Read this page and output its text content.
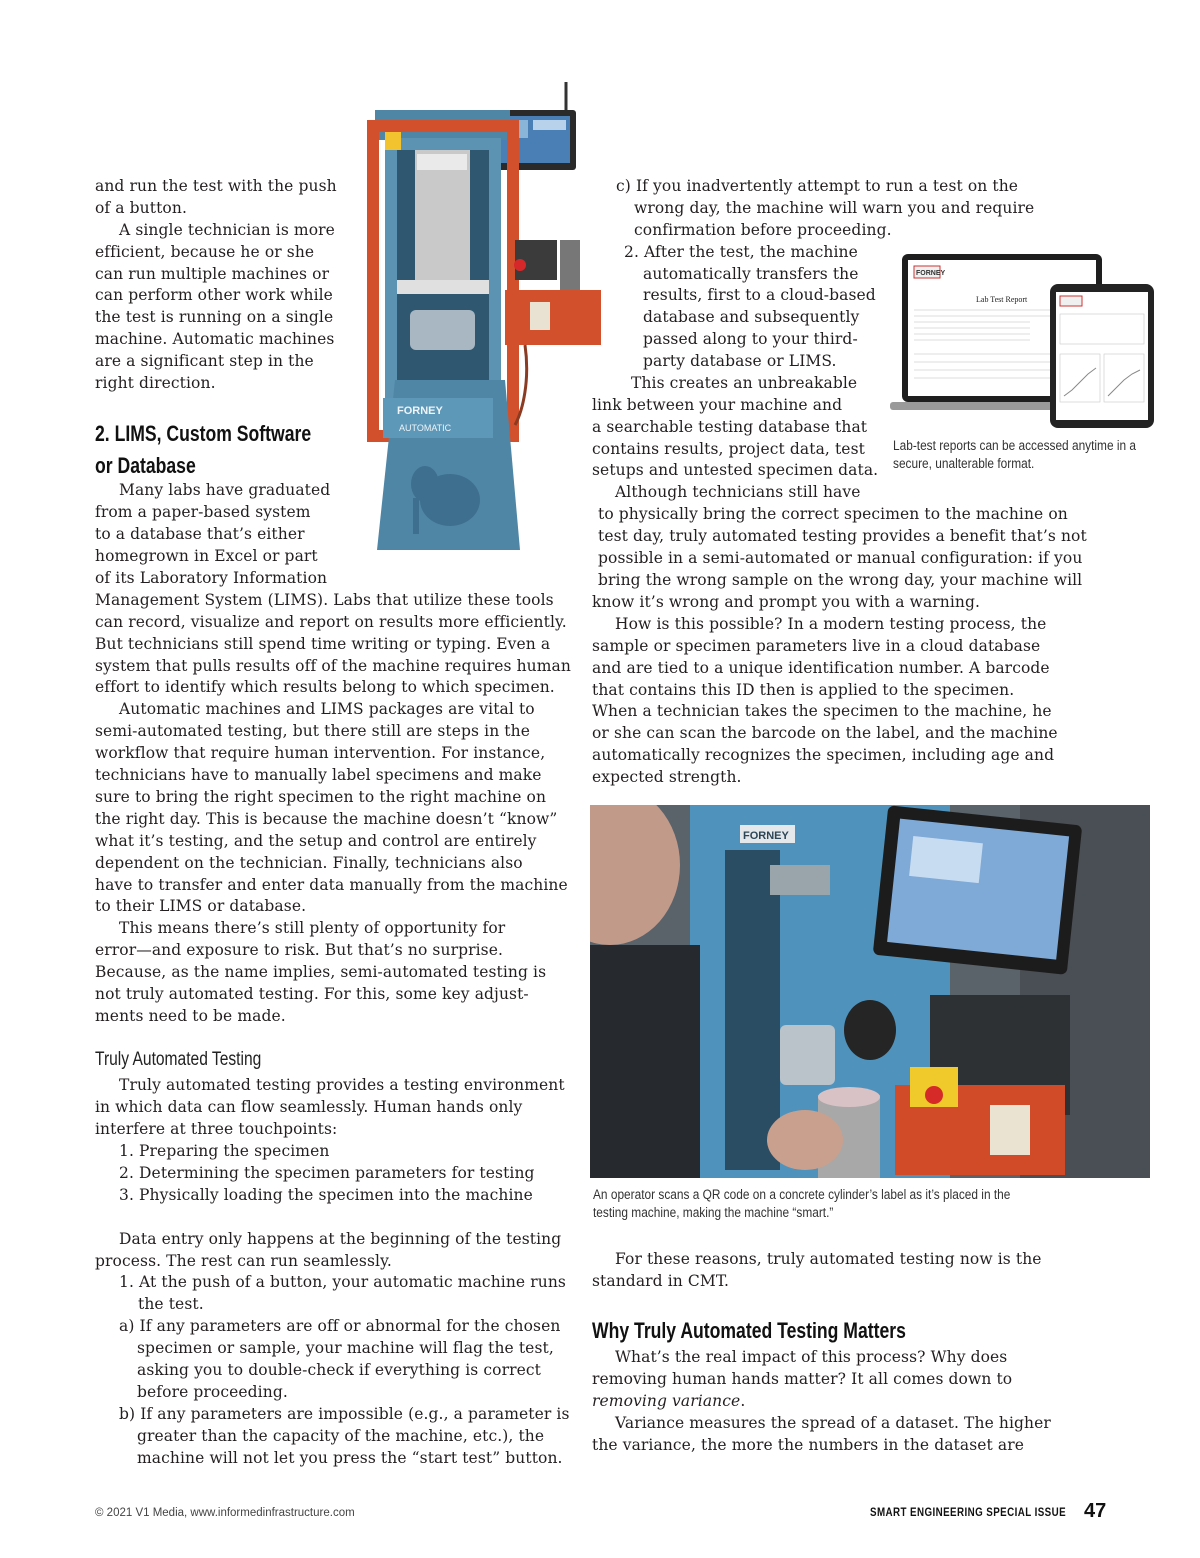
FORNEY
AUTOMATIC
FORNEY
Lab Test Report
Lab-test reports can be accessed anytime in a
secure, unalterable format.
FORNEY
An operator scans a QR code on a concrete cylinder’s label as it’s placed in the
testing machine, making the machine “smart.”
and run the test with the push
of a button.
A single technician is more
efficient, because he or she
can run multiple machines or
can perform other work while
the test is running on a single
machine. Automatic machines
are a significant step in the
right direction.
2. LIMS, Custom Software
or Database
Many labs have graduated
from a paper-based system
to a database that’s either
homegrown in Excel or part
of its Laboratory Information
Management System (LIMS). Labs that utilize these tools
can record, visualize and report on results more efficiently.
But technicians still spend time writing or typing. Even a
system that pulls results off of the machine requires human
effort to identify which results belong to which specimen.
Automatic machines and LIMS packages are vital to
semi-automated testing, but there still are steps in the
workflow that require human intervention. For instance,
technicians have to manually label specimens and make
sure to bring the right specimen to the right machine on
the right day. This is because the machine doesn’t “know”
what it’s testing, and the setup and control are entirely
dependent on the technician. Finally, technicians also
have to transfer and enter data manually from the machine
to their LIMS or database.
This means there’s still plenty of opportunity for
error—and exposure to risk. But that’s no surprise.
Because, as the name implies, semi-automated testing is
not truly automated testing. For this, some key adjust-
ments need to be made.
Truly Automated Testing
Truly automated testing provides a testing environment
in which data can flow seamlessly. Human hands only
interfere at three touchpoints:
1. Preparing the specimen
2. Determining the specimen parameters for testing
3. Physically loading the specimen into the machine
Data entry only happens at the beginning of the testing
process. The rest can run seamlessly.
1. At the push of a button, your automatic machine runs
the test.
a) If any parameters are off or abnormal for the chosen
specimen or sample, your machine will flag the test,
asking you to double-check if everything is correct
before proceeding.
b) If any parameters are impossible (e.g., a parameter is
greater than the capacity of the machine, etc.), the
machine will not let you press the “start test” button.
c) If you inadvertently attempt to run a test on the
wrong day, the machine will warn you and require
confirmation before proceeding.
2. After the test, the machine
automatically transfers the
results, first to a cloud-based
database and subsequently
passed along to your third-
party database or LIMS.
This creates an unbreakable
link between your machine and
a searchable testing database that
contains results, project data, test
setups and untested specimen data.
Although technicians still have
to physically bring the correct specimen to the machine on
test day, truly automated testing provides a benefit that’s not
possible in a semi-automated or manual configuration: if you
bring the wrong sample on the wrong day, your machine will
know it’s wrong and prompt you with a warning.
How is this possible? In a modern testing process, the
sample or specimen parameters live in a cloud database
and are tied to a unique identification number. A barcode
that contains this ID then is applied to the specimen.
When a technician takes the specimen to the machine, he
or she can scan the barcode on the label, and the machine
automatically recognizes the specimen, including age and
expected strength.
For these reasons, truly automated testing now is the
standard in CMT.
Why Truly Automated Testing Matters
What’s the real impact of this process? Why does
removing human hands matter? It all comes down to
removing variance.
Variance measures the spread of a dataset. The higher
the variance, the more the numbers in the dataset are
© 2021 V1 Media, www.informedinfrastructure.com	SMART ENGINEERING SPECIAL ISSUE 47
